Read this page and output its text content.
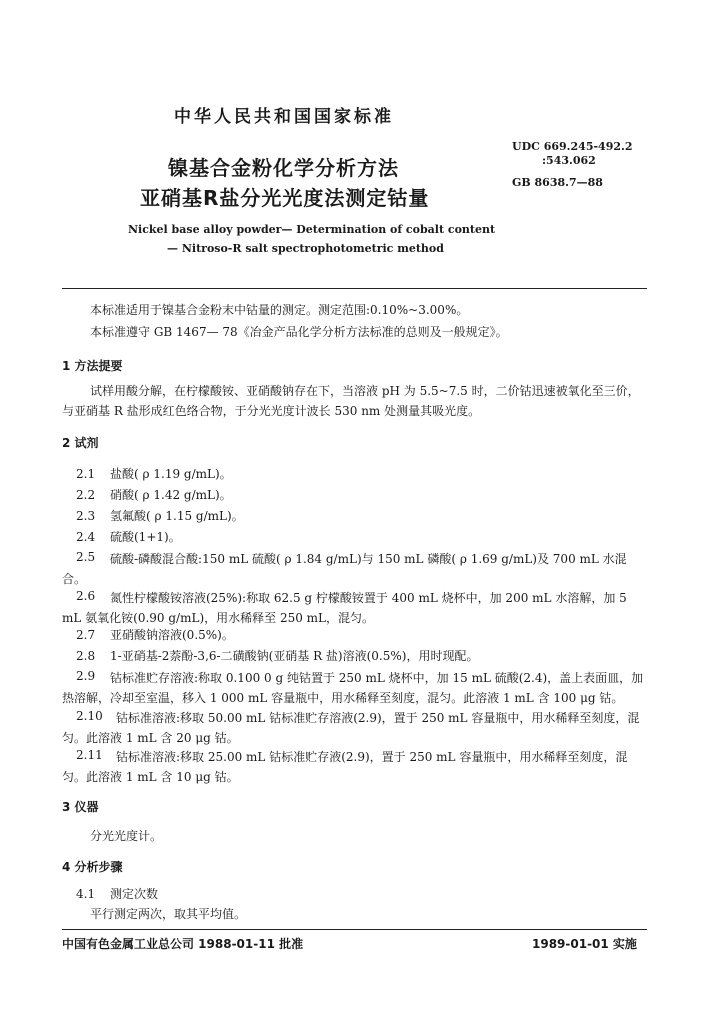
中华人民共和国国家标准
镍基合金粉化学分析方法
亚硝基R盐分光光度法测定钴量
UDC 669.245-492.2
:543.062
GB 8638.7—88
Nickel base alloy powder— Determination of cobalt content
— Nitroso-R salt spectrophotometric method
本标准适用于镍基合金粉末中钴量的测定。测定范围:0.10%~3.00%。
本标准遵守 GB 1467— 78《冶金产品化学分析方法标准的总则及一般规定》。
1 方法提要
试样用酸分解，在柠檬酸铵、亚硝酸钠存在下，当溶液 pH 为 5.5~7.5 时，二价钴迅速被氧化至三价，与亚硝基 R 盐形成红色络合物，于分光光度计波长 530 nm 处测量其吸光度。
2 试剂
2.1 盐酸( ρ 1.19 g/mL)。
2.2 硝酸( ρ 1.42 g/mL)。
2.3 氢氟酸( ρ 1.15 g/mL)。
2.4 硫酸(1+1)。
2.5	硫酸-磷酸混合酸:150 mL 硫酸( ρ 1.84 g/mL)与 150 mL 磷酸( ρ 1.69 g/mL)及 700 mL 水混合。
2.6	氮性柠檬酸铵溶液(25%):称取 62.5 g 柠檬酸铵置于 400 mL 烧杯中，加 200 mL 水溶解，加 5 mL 氨氧化铵(0.90 g/mL)，用水稀释至 250 mL，混匀。
2.7 亚硝酸钠溶液(0.5%)。
2.8 1-亚硝基-2萘酚-3,6-二磺酸钠(亚硝基 R 盐)溶液(0.5%)，用时现配。
2.9	钴标准贮存溶液:称取 0.100 0 g 纯钴置于 250 mL 烧杯中，加 15 mL 硫酸(2.4)，盖上表面皿，加热溶解，冷却至室温，移入 1 000 mL 容量瓶中，用水稀释至刻度，混匀。此溶液 1 mL 含 100 μg 钴。
2.10	钴标准溶液:移取 50.00 mL 钴标准贮存溶液(2.9)，置于 250 mL 容量瓶中，用水稀释至刻度，混匀。此溶液 1 mL 含 20 μg 钴。
2.11	钴标准溶液:移取 25.00 mL 钴标准贮存液(2.9)，置于 250 mL 容量瓶中，用水稀释至刻度，混匀。此溶液 1 mL 含 10 μg 钴。
3 仪器
分光光度计。
4 分析步骤
4.1 测定次数
平行测定两次，取其平均值。
中国有色金属工业总公司 1988-01-11 批准	1989-01-01 实施
